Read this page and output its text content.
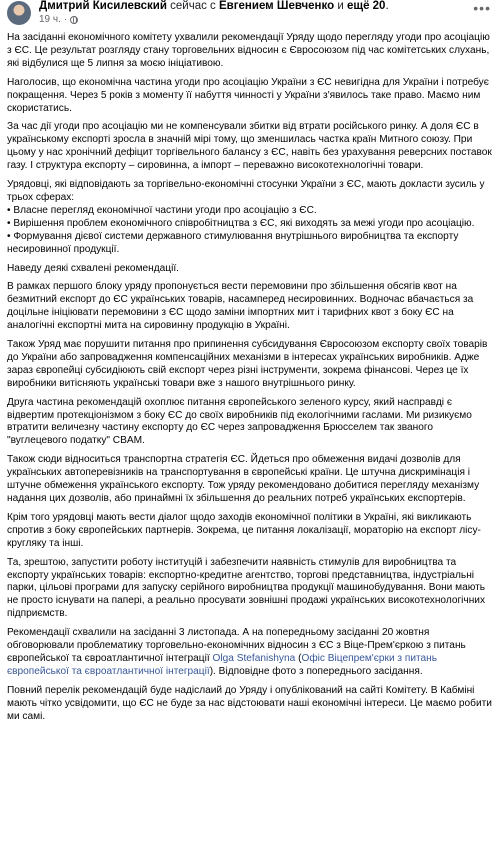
Дмитрий Кисилевский сейчас с Евгением Шевченко и ещё 20.
19 ч. ·
•••

На засіданні економічного комітету ухвалили рекомендації Уряду щодо перегляду угоди про асоціацію з ЄС. Це результат розгляду стану торговельних відносин є Євросоюзом під час комітетських слухань, які відбулися ще 5 липня за моєю ініціативою.

Наголосив, що економічна частина угоди про асоціацію України з ЄС невигідна для України і потребує покращення. Через 5 років з моменту її набуття чинності у України з'явилось таке право. Маємо ним скористатись.

За час дії угоди про асоціацію ми не компенсували збитки від втрати російського ринку. А доля ЄС в українському експорті зросла в значній мірі тому, що зменшилась частка країн Митного союзу. При цьому у нас хронічний дефіцит торгівельного балансу з ЄС, навіть без урахування реверсних поставок газу. І структура експорту – сировинна, а імпорт – переважно високотехнологічні товари.

Урядовці, які відповідають за торгівельно-економічні стосунки України з ЄС, мають докласти зусиль у трьох сферах:
• Власне перегляд економічної частини угоди про асоціацію з ЄС.
• Вирішення проблем економічного співробітництва з ЄС, які виходять за межі угоди про асоціацію.
• Формування дієвої системи державного стимулювання внутрішнього виробництва та експорту несировинної продукції.

Наведу деякі схвалені рекомендації.

В рамках першого блоку уряду пропонується вести перемовини про збільшення обсягів квот на безмитний експорт до ЄС українських товарів, насамперед несировинних. Водночас вбачається за доцільне ініціювати перемовини з ЄС щодо заміни імпортних мит і тарифних квот з боку ЄС на аналогічні експортні мита на сировинну продукцію в Україні.

Також Уряд має порушити питання про припинення субсидування Євросоюзом експорту своїх товарів до України або запровадження компенсаційних механізми в інтересах українських виробників. Адже зараз європейці субсидіюють свій експорт через різні інструменти, зокрема фінансові. Через це їх виробники витісняють українські товари вже з нашого внутрішнього ринку.

Друга частина рекомендацій охоплює питання європейського зеленого курсу, який насправді є відвертим протекціонізмом з боку ЄС до своїх виробників під екологічними гаслами. Ми ризикуємо втратити величезну частину експорту до ЄС через запровадження Брюсселем так званого "вуглецевого податку" CBAM.

Також сюди відноситься транспортна стратегія ЄС. Йдеться про обмеження видачі дозволів для українських автоперевізників на транспортування в європейські країни. Це штучна дискримінація і штучне обмеження українського експорту. Тож уряду рекомендовано добитися перегляду механізму надання цих дозволів, або принаймні їх збільшення до реальних потреб українських експортерів.

Крім того урядовці мають вести діалог щодо заходів економічної політики в Україні, які викликають спротив з боку європейських партнерів. Зокрема, це питання локалізації, мораторію на експорт лісу-кругляку та інші.

Та, зрештою, запустити роботу інституцій і забезпечити наявність стимулів для виробництва та експорту українських товарів: експортно-кредитне агентство, торгові представництва, індустріальні парки, цільові програми для запуску серійного виробництва продукції машинобудування. Вони мають не просто існувати на папері, а реально просувати зовнішні продажі українських високотехнологічних підприємств.

Рекомендації схвалили на засіданні 3 листопада. А на попередньому засіданні 20 жовтня обговорювали проблематику торговельно-економічних відносин з ЄС з Віце-Прем'єркою з питань європейської та євроатлантичної інтеграції Olga Stefanishyna (Офіс Віцепрем'єрки з питань європейської та євроатлантичної інтеграції). Відповідне фото з попереднього засідання.

Повний перелік рекомендацій буде надіслаий до Уряду і опублікований на сайті Комітету. В Кабміні мають чітко усвідомити, що ЄС не буде за нас відстоювати наші економічні інтереси. Це маємо робити ми самі.
